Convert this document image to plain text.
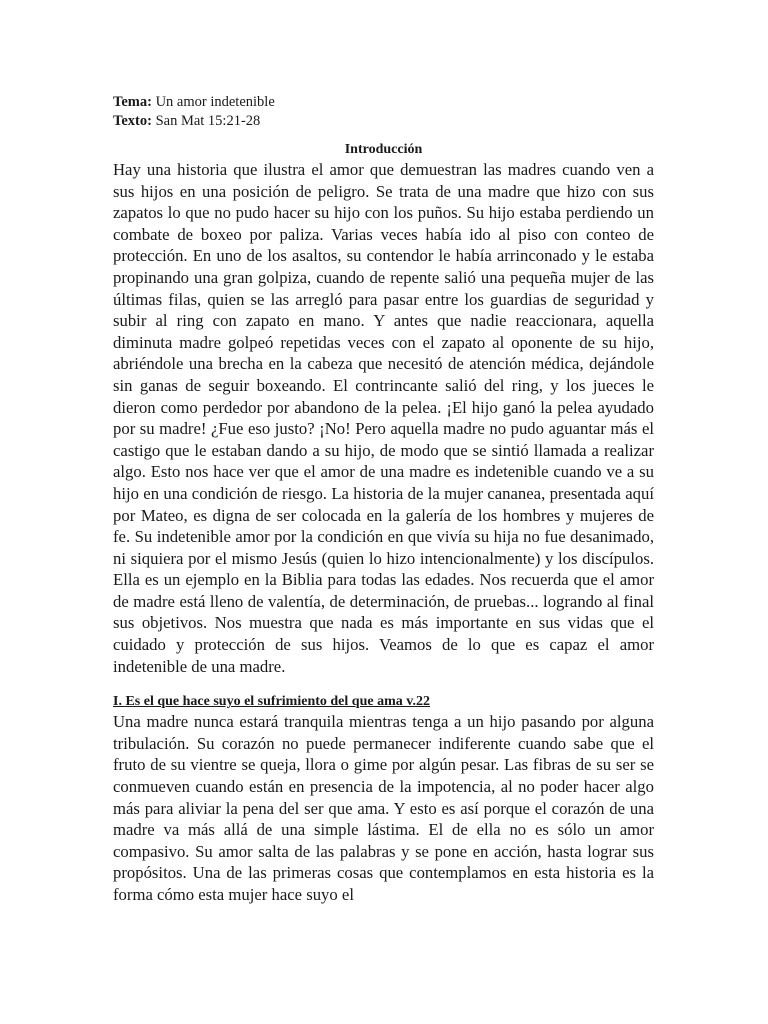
Tema: Un amor indetenible

Texto: San Mat 15:21-28

Introducción

Hay una historia que ilustra el amor que demuestran las madres cuando ven a sus hijos en una posición de peligro. Se trata de una madre que hizo con sus zapatos lo que no pudo hacer su hijo con los puños. Su hijo estaba perdiendo un combate de boxeo por paliza. Varias veces había ido al piso con conteo de protección. En uno de los asaltos, su contendor le había arrinconado y le estaba propinando una gran golpiza, cuando de repente salió una pequeña mujer de las últimas filas, quien se las arregló para pasar entre los guardias de seguridad y subir al ring con zapato en mano. Y antes que nadie reaccionara, aquella diminuta madre golpeó repetidas veces con el zapato al oponente de su hijo, abriéndole una brecha en la cabeza que necesitó de atención médica, dejándole sin ganas de seguir boxeando. El contrincante salió del ring, y los jueces le dieron como perdedor por abandono de la pelea. ¡El hijo ganó la pelea ayudado por su madre! ¿Fue eso justo? ¡No! Pero aquella madre no pudo aguantar más el castigo que le estaban dando a su hijo, de modo que se sintió llamada a realizar algo. Esto nos hace ver que el amor de una madre es indetenible cuando ve a su hijo en una condición de riesgo. La historia de la mujer cananea, presentada aquí por Mateo, es digna de ser colocada en la galería de los hombres y mujeres de fe. Su indetenible amor por la condición en que vivía su hija no fue desanimado, ni siquiera por el mismo Jesús (quien lo hizo intencionalmente) y los discípulos. Ella es un ejemplo en la Biblia para todas las edades. Nos recuerda que el amor de madre está lleno de valentía, de determinación, de pruebas... logrando al final sus objetivos. Nos muestra que nada es más importante en sus vidas que el cuidado y protección de sus hijos. Veamos de lo que es capaz el amor indetenible de una madre.

I. Es el que hace suyo el sufrimiento del que ama v.22

Una madre nunca estará tranquila mientras tenga a un hijo pasando por alguna tribulación. Su corazón no puede permanecer indiferente cuando sabe que el fruto de su vientre se queja, llora o gime por algún pesar. Las fibras de su ser se conmueven cuando están en presencia de la impotencia, al no poder hacer algo más para aliviar la pena del ser que ama. Y esto es así porque el corazón de una madre va más allá de una simple lástima. El de ella no es sólo un amor compasivo. Su amor salta de las palabras y se pone en acción, hasta lograr sus propósitos. Una de las primeras cosas que contemplamos en esta historia es la forma cómo esta mujer hace suyo el
